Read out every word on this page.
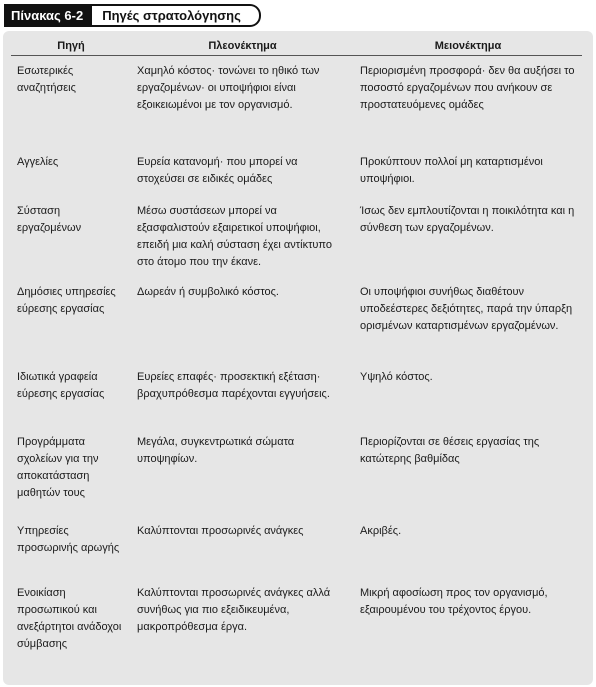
Πίνακας 6-2	Πηγές στρατολόγησης
Πηγή	Πλεονέκτημα	Μειονέκτημα
Εσωτερικές αναζητήσεις	Χαμηλό κόστος· τονώνει το ηθικό των εργαζομένων· οι υποψήφιοι είναι εξοικειωμένοι με τον οργανισμό.	Περιορισμένη προσφορά· δεν θα αυξήσει το ποσοστό εργαζομένων που ανήκουν σε προστατευόμενες ομάδες
Αγγελίες	Ευρεία κατανομή· που μπορεί να στοχεύσει σε ειδικές ομάδες	Προκύπτουν πολλοί μη καταρτισμένοι υποψήφιοι.
Σύσταση εργαζομένων	Μέσω συστάσεων μπορεί να εξασφαλιστούν εξαιρετικοί υποψήφιοι, επειδή μια καλή σύσταση έχει αντίκτυπο στο άτομο που την έκανε.	Ίσως δεν εμπλουτίζονται η ποικιλότητα και η σύνθεση των εργαζομένων.
Δημόσιες υπηρεσίες εύρεσης εργασίας	Δωρεάν ή συμβολικό κόστος.	Οι υποψήφιοι συνήθως διαθέτουν υποδεέστερες δεξιότητες, παρά την ύπαρξη ορισμένων καταρτισμένων εργαζομένων.
Ιδιωτικά γραφεία εύρεσης εργασίας	Ευρείες επαφές· προσεκτική εξέταση· βραχυπρόθεσμα παρέχονται εγγυήσεις.	Υψηλό κόστος.
Προγράμματα σχολείων για την αποκατάσταση μαθητών τους	Μεγάλα, συγκεντρωτικά σώματα υποψηφίων.	Περιορίζονται σε θέσεις εργασίας της κατώτερης βαθμίδας
Υπηρεσίες προσωρινής αρωγής	Καλύπτονται προσωρινές ανάγκες	Ακριβές.
Ενοικίαση προσωπικού και ανεξάρτητοι ανάδοχοι σύμβασης	Καλύπτονται προσωρινές ανάγκες αλλά συνήθως για πιο εξειδικευμένα, μακροπρόθεσμα έργα.	Μικρή αφοσίωση προς τον οργανισμό, εξαιρουμένου του τρέχοντος έργου.
